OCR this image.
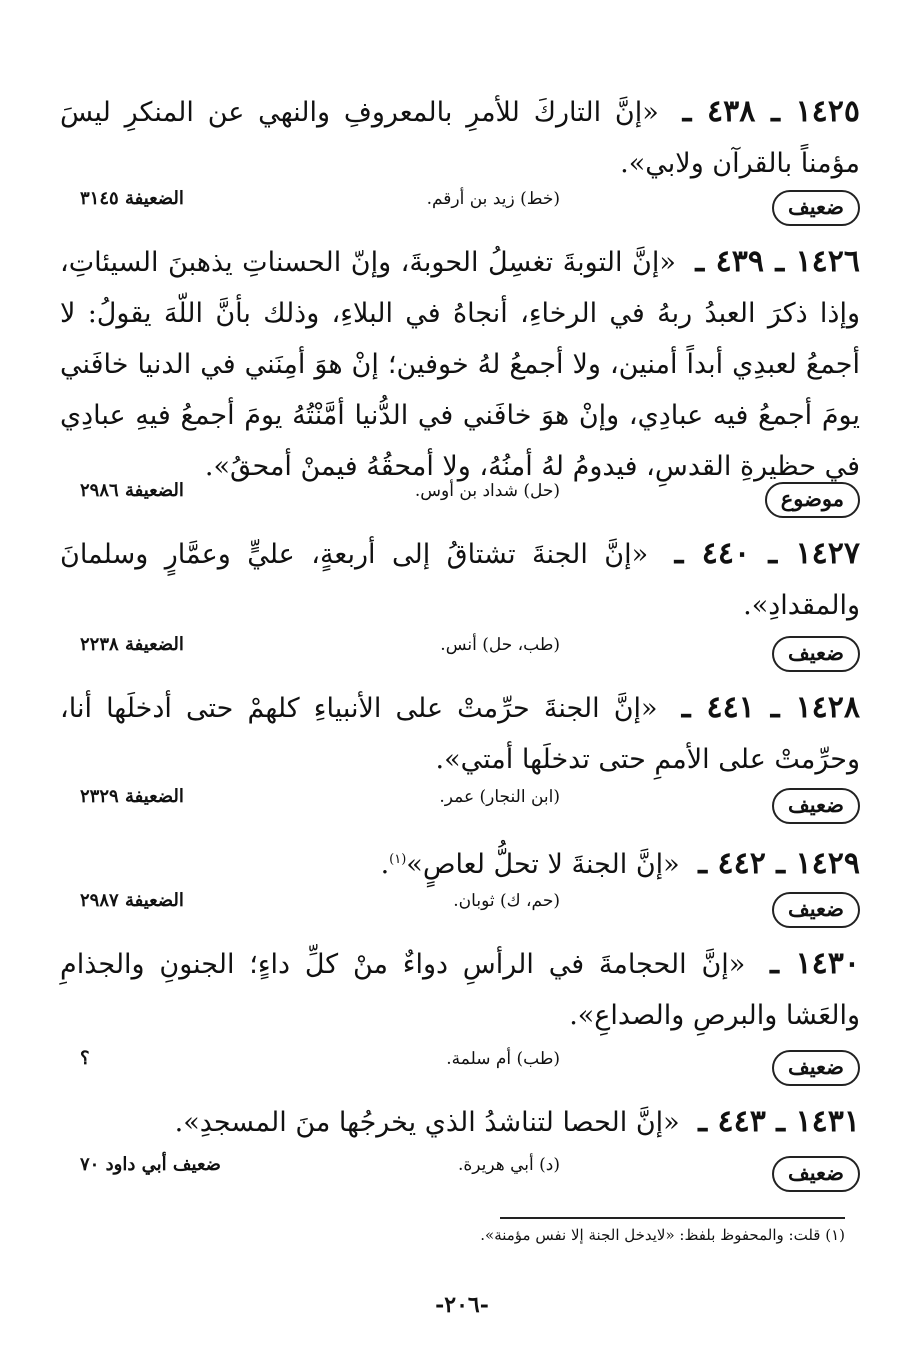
١٤٢٥ ـ ٤٣٨ ـ «إنَّ التاركَ للأمرِ بالمعروفِ والنهي عن المنكرِ ليسَ مؤمناً بالقرآن ولابي».
ضعيف
(خط) زيد بن أرقم.
الضعيفة ٣١٤٥
١٤٢٦ ـ ٤٣٩ ـ «إنَّ التوبةَ تغسِلُ الحوبةَ، وإنّ الحسناتِ يذهبنَ السيئاتِ، وإذا ذكرَ العبدُ ربهُ في الرخاءِ، أنجاهُ في البلاءِ، وذلك بأنَّ اللّهَ يقولُ: لا أجمعُ لعبدِي أبداً أمنين، ولا أجمعُ لهُ خوفين؛ إنْ هوَ أمِنَني في الدنيا خافَني يومَ أجمعُ فيه عبادِي، وإنْ هوَ خافَني في الدُّنيا أمَّنْتُهُ يومَ أجمعُ فيهِ عبادِي في حظيرةِ القدسِ، فيدومُ لهُ أمنُهُ، ولا أمحقُهُ فيمنْ أمحقُ».
موضوع
(حل) شداد بن أوس.
الضعيفة ٢٩٨٦
١٤٢٧ ـ ٤٤٠ ـ «إنَّ الجنةَ تشتاقُ إلى أربعةٍ، عليٍّ وعمَّارٍ وسلمانَ والمقدادِ».
ضعيف
(طب، حل) أنس.
الضعيفة ٢٢٣٨
١٤٢٨ ـ ٤٤١ ـ «إنَّ الجنةَ حرِّمتْ على الأنبياءِ كلهمْ حتى أدخلَها أنا، وحرِّمتْ على الأممِ حتى تدخلَها أمتي».
ضعيف
(ابن النجار) عمر.
الضعيفة ٢٣٢٩
١٤٢٩ ـ ٤٤٢ ـ «إنَّ الجنةَ لا تحلُّ لعاصٍ»$^{(١)}$.
ضعيف
(حم، ك) ثوبان.
الضعيفة ٢٩٨٧
١٤٣٠ ـ «إنَّ الحجامةَ في الرأسِ دواءٌ منْ كلِّ داءٍ؛ الجنونِ والجذامِ والعَشا والبرصِ والصداعِ».
ضعيف
(طب) أم سلمة.
؟
١٤٣١ ـ ٤٤٣ ـ «إنَّ الحصا لتناشدُ الذي يخرجُها منَ المسجدِ».
ضعيف
(د) أبي هريرة.
ضعيف أبي داود ٧٠
(١) قلت: والمحفوظ بلفظ: «لايدخل الجنة إلا نفس مؤمنة».
-٢٠٦-
